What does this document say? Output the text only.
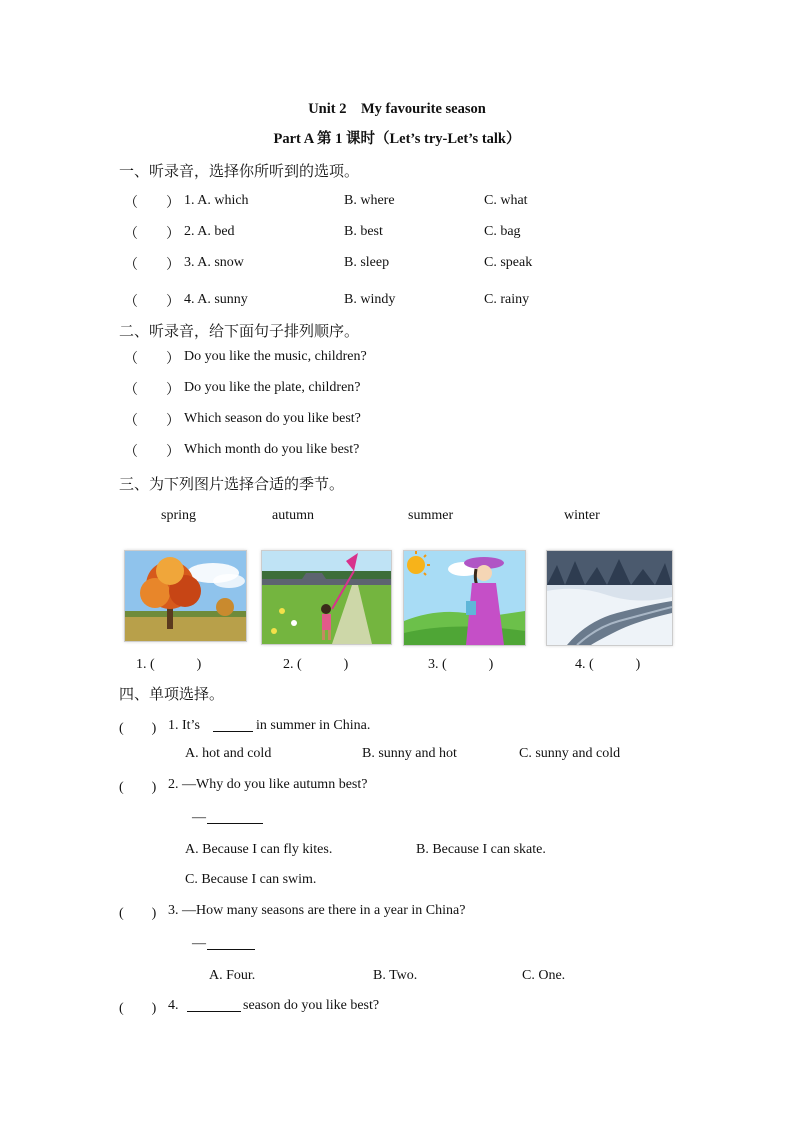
Unit 2　My favourite season
Part A 第 1 课时（Let’s try-Let’s talk）
一、听录音，选择你所听到的选项。
（　　） 1. A. which	B. where	C. what
（　　） 2. A. bed	B. best	C. bag
（　　） 3. A. snow	B. sleep	C. speak
（　　） 4. A. sunny	B. windy	C. rainy
二、听录音，给下面句子排列顺序。
（　　） Do you like the music, children?
（　　） Do you like the plate, children?
（　　） Which season do you like best?
（　　） Which month do you like best?
三、为下列图片选择合适的季节。
spring	autumn	summer	winter
1. (　　　)	2. (　　　)	3. (　　　)	4. (　　　)
四、单项选择。
(　　) 1. It’s	in summer in China.
A. hot and cold	B. sunny and hot	C. sunny and cold
(　　) 2. —Why do you like autumn best?
—
A. Because I can fly kites.	B. Because I can skate.
C. Because I can swim.
(　　) 3. —How many seasons are there in a year in China?
—
A. Four.	B. Two.	C. One.
(　　) 4.	season do you like best?
